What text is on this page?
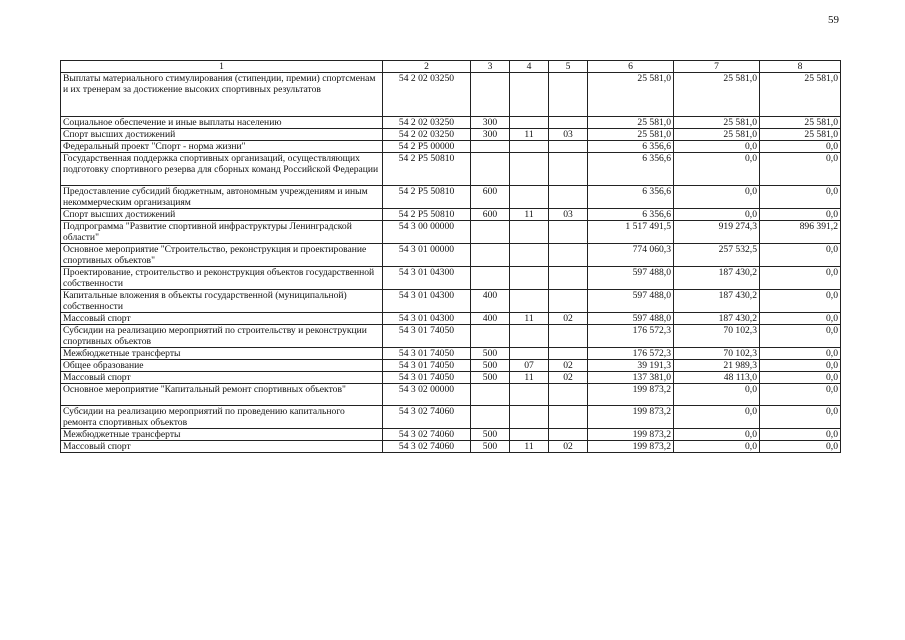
59
1	2	3	4	5	6	7	8
Выплаты материального стимулирования (стипендии, премии) спортсменам и их тренерам за достижение высоких спортивных результатов	54 2 02 03250				25 581,0	25 581,0	25 581,0
Социальное обеспечение и иные выплаты населению	54 2 02 03250	300			25 581,0	25 581,0	25 581,0
Спорт высших достижений	54 2 02 03250	300	11	03	25 581,0	25 581,0	25 581,0
Федеральный проект "Спорт - норма жизни"	54 2 P5 00000				6 356,6	0,0	0,0
Государственная поддержка спортивных организаций, осуществляющих подготовку спортивного резерва для сборных команд Российской Федерации	54 2 P5 50810				6 356,6	0,0	0,0
Предоставление субсидий бюджетным, автономным учреждениям и иным некоммерческим организациям	54 2 P5 50810	600			6 356,6	0,0	0,0
Спорт высших достижений	54 2 P5 50810	600	11	03	6 356,6	0,0	0,0
Подпрограмма "Развитие спортивной инфраструктуры Ленинградской области"	54 3 00 00000				1 517 491,5	919 274,3	896 391,2
Основное мероприятие "Строительство, реконструкция и проектирование спортивных объектов"	54 3 01 00000				774 060,3	257 532,5	0,0
Проектирование, строительство и реконструкция объектов государственной собственности	54 3 01 04300				597 488,0	187 430,2	0,0
Капитальные вложения в объекты государственной (муниципальной) собственности	54 3 01 04300	400			597 488,0	187 430,2	0,0
Массовый спорт	54 3 01 04300	400	11	02	597 488,0	187 430,2	0,0
Субсидии на реализацию мероприятий по строительству и реконструкции спортивных объектов	54 3 01 74050				176 572,3	70 102,3	0,0
Межбюджетные трансферты	54 3 01 74050	500			176 572,3	70 102,3	0,0
Общее образование	54 3 01 74050	500	07	02	39 191,3	21 989,3	0,0
Массовый спорт	54 3 01 74050	500	11	02	137 381,0	48 113,0	0,0
Основное мероприятие "Капитальный ремонт спортивных объектов"	54 3 02 00000				199 873,2	0,0	0,0
Субсидии на реализацию мероприятий по проведению капитального ремонта спортивных объектов	54 3 02 74060				199 873,2	0,0	0,0
Межбюджетные трансферты	54 3 02 74060	500			199 873,2	0,0	0,0
Массовый спорт	54 3 02 74060	500	11	02	199 873,2	0,0	0,0
